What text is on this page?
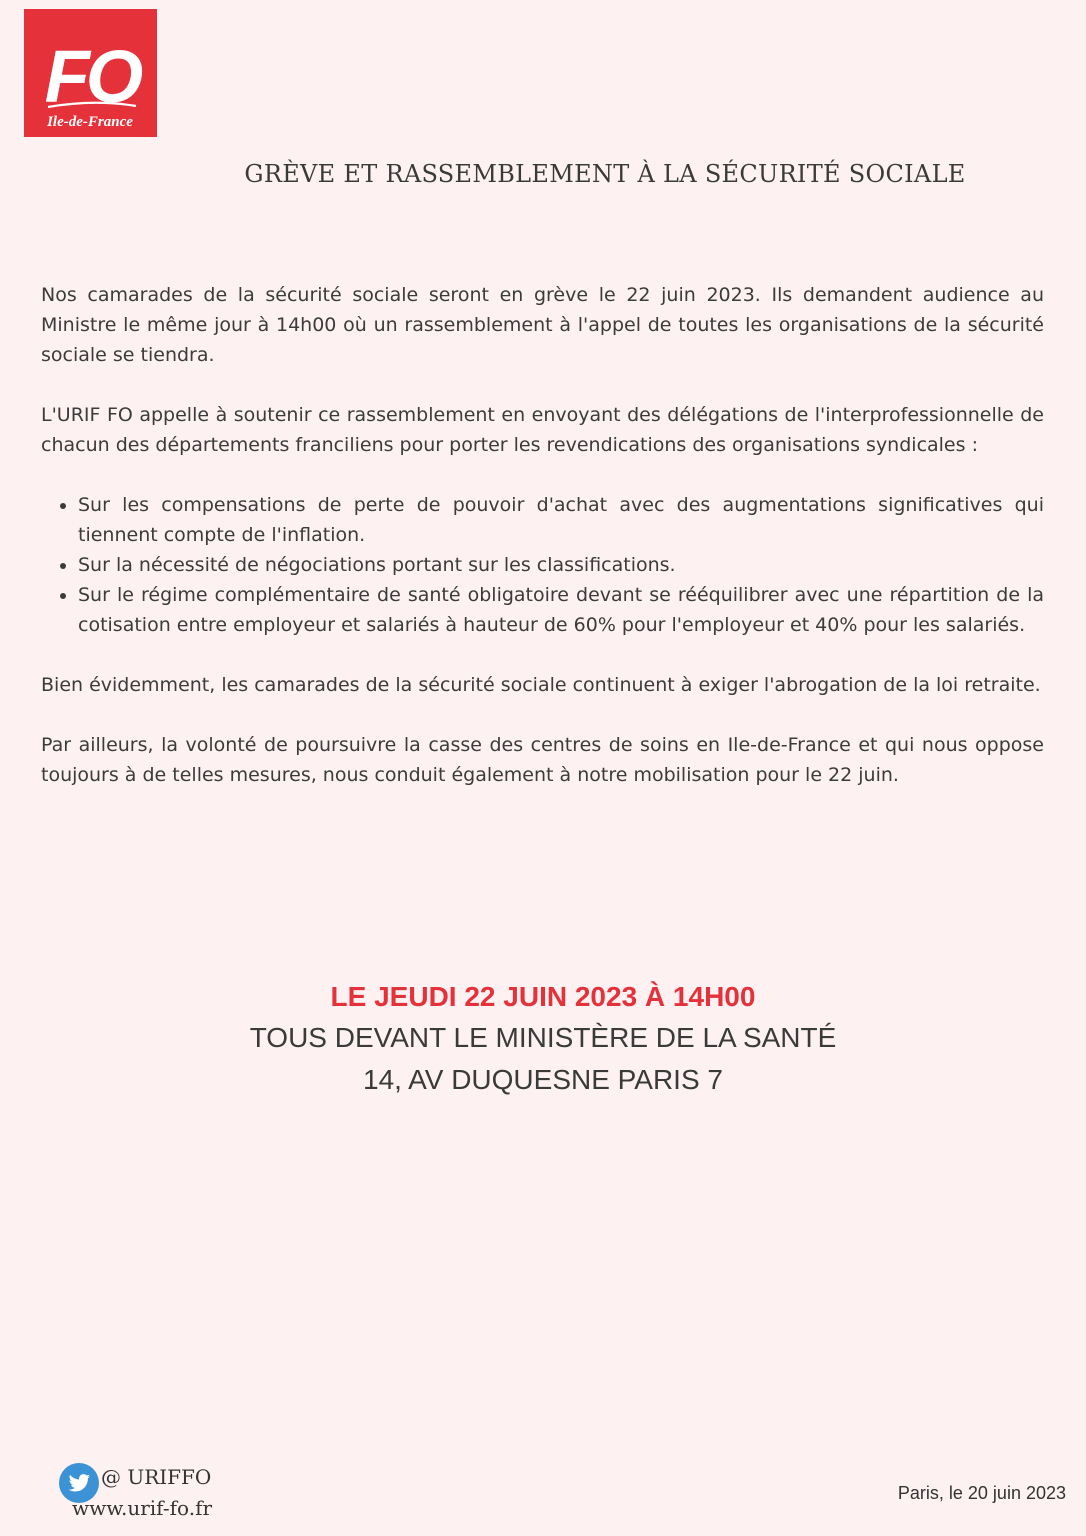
FO
Ile-de-France
GRÈVE ET RASSEMBLEMENT À LA SÉCURITÉ SOCIALE

Nos camarades de la sécurité sociale seront en grève le 22 juin 2023. Ils demandent audience au Ministre le même jour à 14h00 où un rassemblement à l'appel de toutes les organisations de la sécurité sociale se tiendra.

L'URIF FO appelle à soutenir ce rassemblement en envoyant des délégations de l'interprofessionnelle de chacun des départements franciliens pour porter les revendications des organisations syndicales :

• Sur les compensations de perte de pouvoir d'achat avec des augmentations significatives qui tiennent compte de l'inflation.
• Sur la nécessité de négociations portant sur les classifications.
• Sur le régime complémentaire de santé obligatoire devant se rééquilibrer avec une répartition de la cotisation entre employeur et salariés à hauteur de 60% pour l'employeur et 40% pour les salariés.

Bien évidemment, les camarades de la sécurité sociale continuent à exiger l'abrogation de la loi retraite.

Par ailleurs, la volonté de poursuivre la casse des centres de soins en Ile-de-France et qui nous oppose toujours à de telles mesures, nous conduit également à notre mobilisation pour le 22 juin.

LE JEUDI 22 JUIN 2023 À 14H00
TOUS DEVANT LE MINISTÈRE DE LA SANTÉ
14, AV DUQUESNE PARIS 7
@ URIFFO
www.urif-fo.fr
Paris, le 20 juin 2023
